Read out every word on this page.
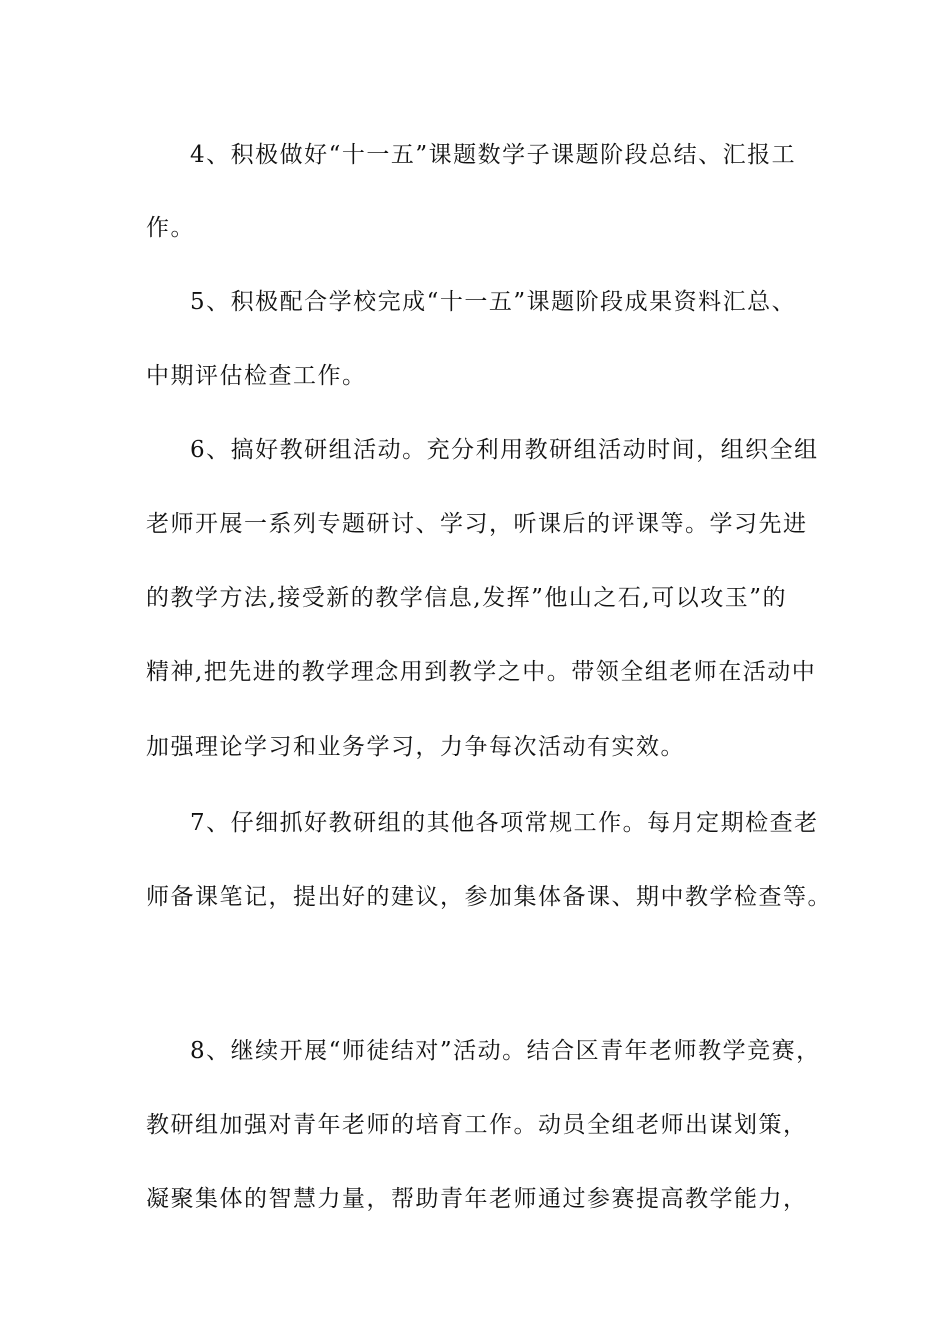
4、积极做好“十一五”课题数学子课题阶段总结、汇报工
作。
5、积极配合学校完成“十一五”课题阶段成果资料汇总、
中期评估检查工作。
6、搞好教研组活动。充分利用教研组活动时间，组织全组
老师开展一系列专题研讨、学习，听课后的评课等。学习先进
的教学方法,接受新的教学信息,发挥”他山之石,可以攻玉”的
精神,把先进的教学理念用到教学之中。带领全组老师在活动中
加强理论学习和业务学习，力争每次活动有实效。
7、仔细抓好教研组的其他各项常规工作。每月定期检查老
师备课笔记，提出好的建议，参加集体备课、期中教学检查等。
8、继续开展“师徒结对”活动。结合区青年老师教学竞赛，
教研组加强对青年老师的培育工作。动员全组老师出谋划策，
凝聚集体的智慧力量，帮助青年老师通过参赛提高教学能力，
